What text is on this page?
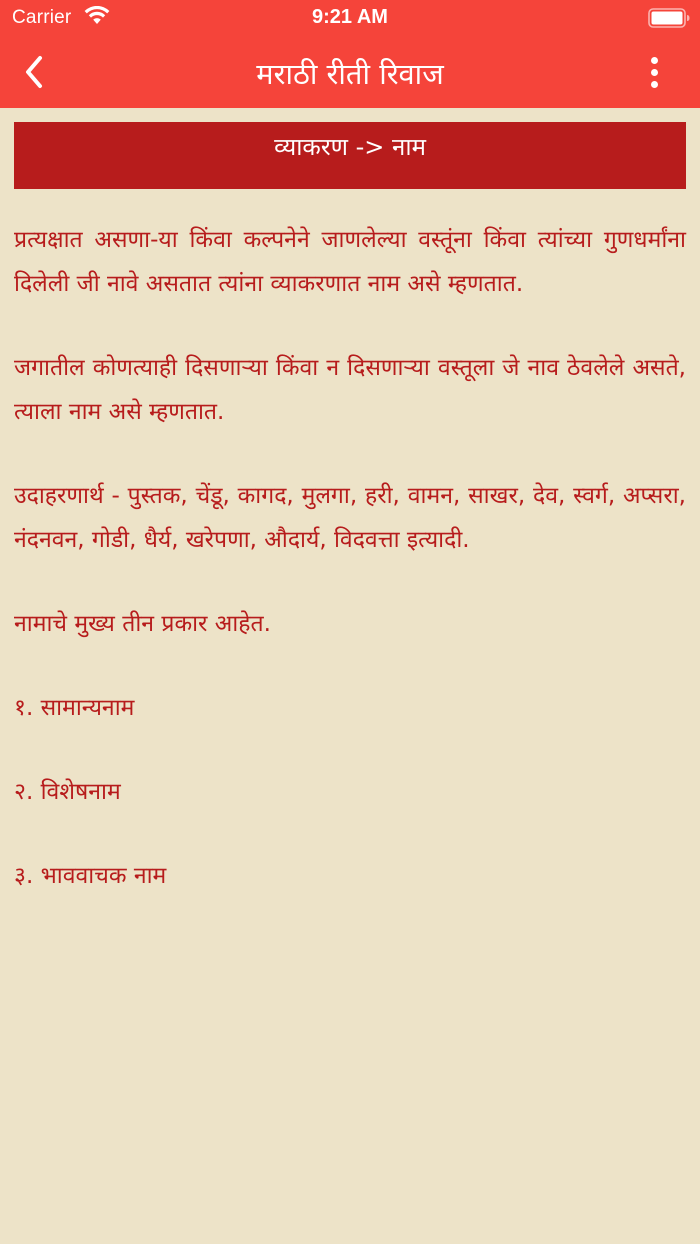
Carrier	9:21 AM
मराठी रीती रिवाज
व्याकरण -> नाम

प्रत्यक्षात असणा-या किंवा कल्पनेने जाणलेल्या वस्तूंना किंवा त्यांच्या गुणधर्मांना दिलेली जी नावे असतात त्यांना व्याकरणात नाम असे म्हणतात.

जगातील कोणत्याही दिसणाऱ्या किंवा न दिसणाऱ्या वस्तूला जे नाव ठेवलेले असते, त्याला नाम असे म्हणतात.

उदाहरणार्थ - पुस्तक, चेंडू, कागद, मुलगा, हरी, वामन, साखर, देव, स्वर्ग, अप्सरा, नंदनवन, गोडी, धैर्य, खरेपणा, औदार्य, विदवत्ता इत्यादी.

नामाचे मुख्य तीन प्रकार आहेत.

१. सामान्यनाम

२. विशेषनाम

३. भाववाचक नाम
